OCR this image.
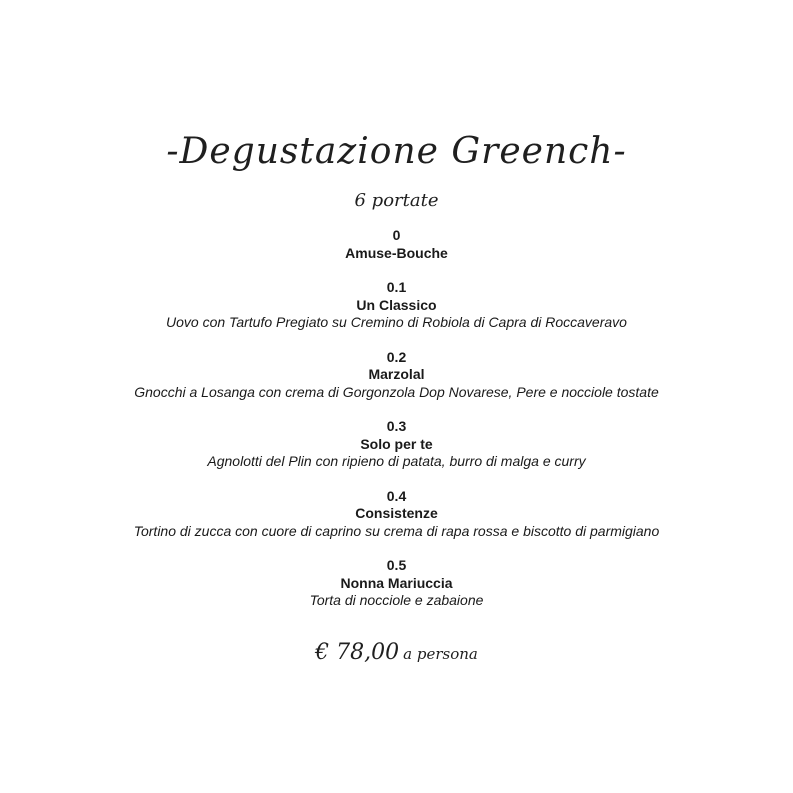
-Degustazione Greench-
6 portate
0
Amuse-Bouche
0.1
Un Classico
Uovo con Tartufo Pregiato su Cremino di Robiola di Capra di Roccaveravo
0.2
Marzolal
Gnocchi a Losanga con crema di Gorgonzola Dop Novarese, Pere e nocciole tostate
0.3
Solo per te
Agnolotti del Plin con ripieno di patata, burro di malga e curry
0.4
Consistenze
Tortino di zucca con cuore di caprino su crema di rapa rossa e biscotto di parmigiano
0.5
Nonna Mariuccia
Torta di nocciole e zabaione
€ 78,00 a persona
